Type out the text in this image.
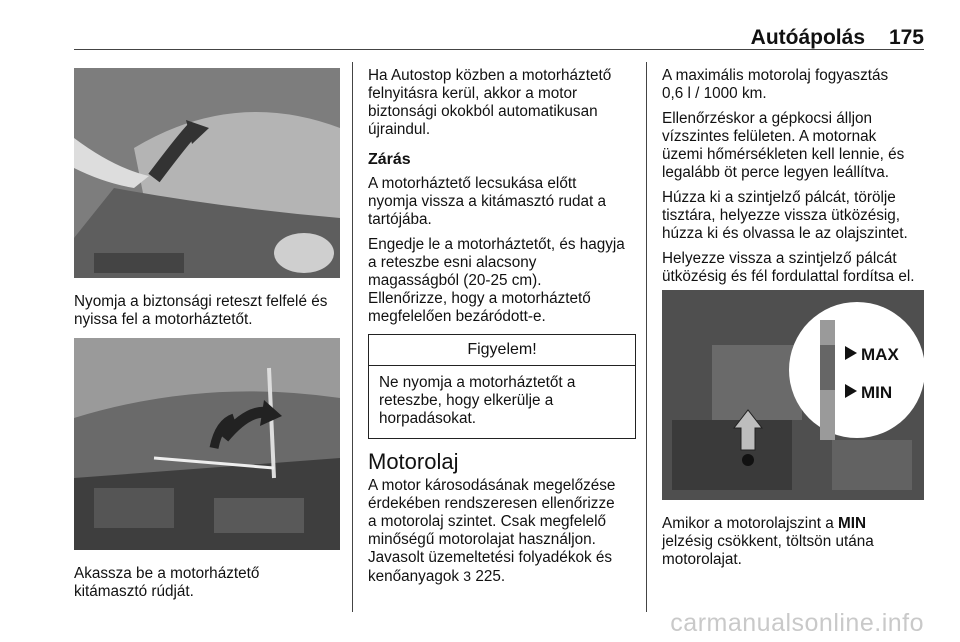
Autóápolás 175
Nyomja a biztonsági reteszt felfelé és
nyissa fel a motorháztetőt.
Akassza be a motorháztető
kitámasztó rúdját.

Ha Autostop közben a motorháztető
felnyitásra kerül, akkor a motor
biztonsági okokból automatikusan
újraindul.

Zárás

A motorháztető lecsukása előtt
nyomja vissza a kitámasztó rudat a
tartójába.

Engedje le a motorháztetőt, és hagyja
a reteszbe esni alacsony
magasságból (20-25 cm).
Ellenőrizze, hogy a motorháztető
megfelelően bezáródott-e.

Figyelem!
Ne nyomja a motorháztetőt a
reteszbe, hogy elkerülje a
horpadásokat.
Motorolaj

A motor károsodásának megelőzése
érdekében rendszeresen ellenőrizze
a motorolaj szintet. Csak megfelelő
minőségű motorolajat használjon.
Javasolt üzemeltetési folyadékok és
kenőanyagok 3 225.

A maximális motorolaj fogyasztás
0,6 l / 1000 km.

Ellenőrzéskor a gépkocsi álljon
vízszintes felületen. A motornak
üzemi hőmérsékleten kell lennie, és
legalább öt perce legyen leállítva.

Húzza ki a szintjelző pálcát, törölje
tisztára, helyezze vissza ütközésig,
húzza ki és olvassa le az olajszintet.

Helyezze vissza a szintjelző pálcát
ütközésig és fél fordulattal fordítsa el.

MAX
MIN
Amikor a motorolajszint a MIN
jelzésig csökkent, töltsön utána
motorolajat.
carmanualsonline.info
